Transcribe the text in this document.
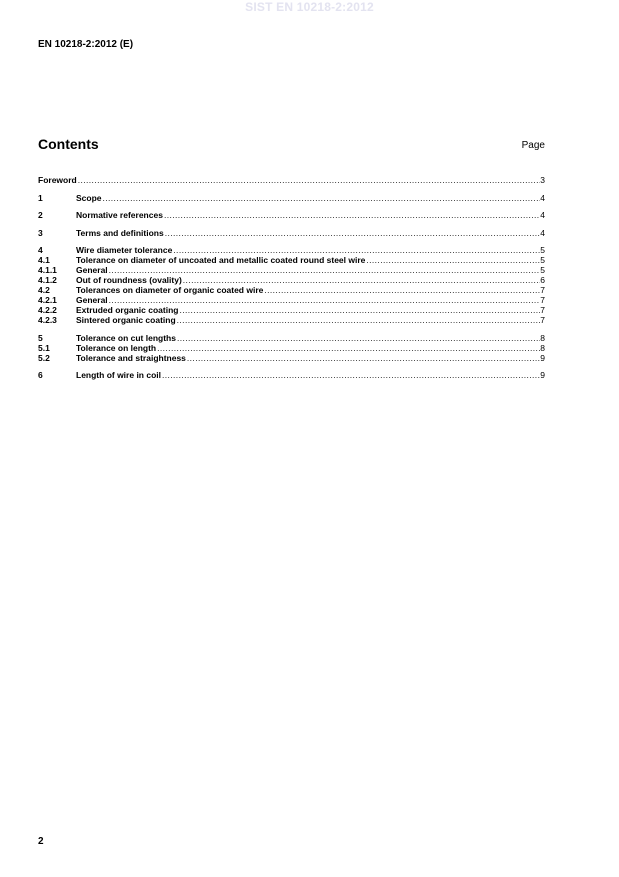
SIST EN 10218-2:2012
EN 10218-2:2012 (E)
Contents	Page
Foreword .....	3
1	Scope .....	4
2	Normative references .....	4
3	Terms and definitions .....	4
4	Wire diameter tolerance .....	5
4.1	Tolerance on diameter of uncoated and metallic coated round steel wire .....	5
4.1.1	General .....	5
4.1.2	Out of roundness (ovality) .....	6
4.2	Tolerances on diameter of organic coated wire .....	7
4.2.1	General .....	7
4.2.2	Extruded organic coating .....	7
4.2.3	Sintered organic coating .....	7
5	Tolerance on cut lengths .....	8
5.1	Tolerance on length .....	8
5.2	Tolerance and straightness .....	9
6	Length of wire in coil .....	9
2
